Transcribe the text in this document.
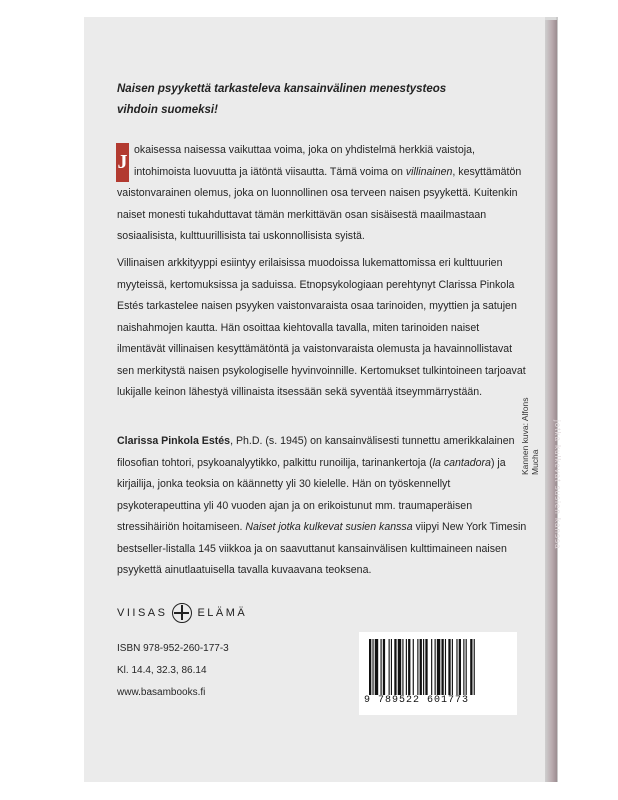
jotka kulkevat susien kanssa
Naisen psyykettä tarkasteleva kansainvälinen menestysteos
vihdoin suomeksi!
J
okaisessa naisessa vaikuttaa voima, joka on yhdistelmä herkkiä vaistoja, intohimoista luovuutta ja iätöntä viisautta. Tämä voima on villinainen, kesyttämätön vaistonvarainen olemus, joka on luonnollinen osa terveen naisen psyykettä. Kuitenkin naiset monesti tukahduttavat tämän merkittävän osan sisäisestä maailmastaan sosiaalisista, kulttuurillisista tai uskonnollisista syistä.
Villinaisen arkkityyppi esiintyy erilaisissa muodoissa lukemattomissa eri kulttuurien myyteissä, kertomuksissa ja saduissa. Etnopsykologiaan perehtynyt Clarissa Pinkola Estés tarkastelee naisen psyyken vaistonvaraista osaa tarinoiden, myyttien ja satujen naishahmojen kautta. Hän osoittaa kiehtovalla tavalla, miten tarinoiden naiset ilmentävät villinaisen kesyttämätöntä ja vaistonvaraista olemusta ja havainnollistavat sen merkitystä naisen psykologiselle hyvinvoinnille. Kertomukset tulkintoineen tarjoavat lukijalle keinon lähestyä villinaista itsessään sekä syventää itseymmärrystään.
Clarissa Pinkola Estés, Ph.D. (s. 1945) on kansainvälisesti tunnettu amerikkalainen filosofian tohtori, psykoanalyytikko, palkittu runoilija, tarinankertoja (la cantadora) ja kirjailija, jonka teoksia on käännetty yli 30 kielelle. Hän on työskennellyt psykoterapeuttina yli 40 vuoden ajan ja on erikoistunut mm. traumaperäisen stressihäiriön hoitamiseen. Naiset jotka kulkevat susien kanssa viipyi New York Timesin bestseller-listalla 145 viikkoa ja on saavuttanut kansainvälisen kulttimaineen naisen psyykettä ainutlaatuisella tavalla kuvaavana teoksena.
Kannen kuva: Alfons Mucha
VIISAS	ELÄMÄ
ISBN 978-952-260-177-3
Kl. 14.4, 32.3, 86.14
www.basambooks.fi
9 789522 601773
